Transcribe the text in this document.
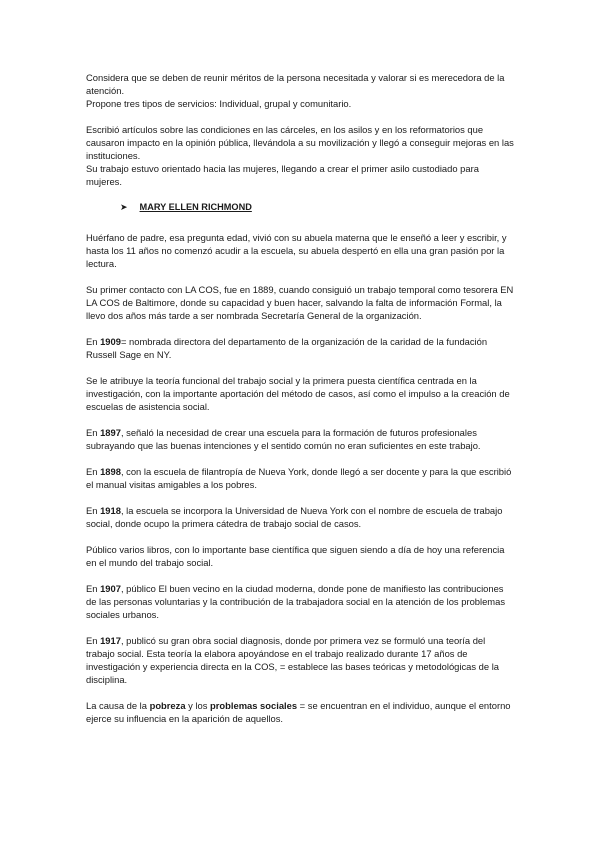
Considera que se deben de reunir méritos de la persona necesitada y valorar si es merecedora de la atención.

Propone tres tipos de servicios: Individual, grupal y comunitario.

Escribió artículos sobre las condiciones en las cárceles, en los asilos y en los reformatorios que causaron impacto en la opinión pública, llevándola a su movilización y llegó a conseguir mejoras en las instituciones.

Su trabajo estuvo orientado hacia las mujeres, llegando a crear el primer asilo custodiado para mujeres.

➤ MARY ELLEN RICHMOND

Huérfano de padre, esa pregunta edad, vivió con su abuela materna que le enseñó a leer y escribir, y hasta los 11 años no comenzó acudir a la escuela, su abuela despertó en ella una gran pasión por la lectura.

Su primer contacto con LA COS, fue en 1889, cuando consiguió un trabajo temporal como tesorera EN LA COS de Baltimore, donde su capacidad y buen hacer, salvando la falta de información Formal, la llevo dos años más tarde a ser nombrada Secretaría General de la organización.

En 1909= nombrada directora del departamento de la organización de la caridad de la fundación Russell Sage en NY.

Se le atribuye la teoría funcional del trabajo social y la primera puesta científica centrada en la investigación, con la importante aportación del método de casos, así como el impulso a la creación de escuelas de asistencia social.

En 1897, señaló la necesidad de crear una escuela para la formación de futuros profesionales subrayando que las buenas intenciones y el sentido común no eran suficientes en este trabajo.

En 1898, con la escuela de filantropía de Nueva York, donde llegó a ser docente y para la que escribió el manual visitas amigables a los pobres.

En 1918, la escuela se incorpora la Universidad de Nueva York con el nombre de escuela de trabajo social, donde ocupo la primera cátedra de trabajo social de casos.

Público varios libros, con lo importante base científica que siguen siendo a día de hoy una referencia en el mundo del trabajo social.

En 1907, público El buen vecino en la ciudad moderna, donde pone de manifiesto las contribuciones de las personas voluntarias y la contribución de la trabajadora social en la atención de los problemas sociales urbanos.

En 1917, publicó su gran obra social diagnosis, donde por primera vez se formuló una teoría del trabajo social. Esta teoría la elabora apoyándose en el trabajo realizado durante 17 años de investigación y experiencia directa en la COS, = establece las bases teóricas y metodológicas de la disciplina.

La causa de la pobreza y los problemas sociales = se encuentran en el individuo, aunque el entorno ejerce su influencia en la aparición de aquellos.
